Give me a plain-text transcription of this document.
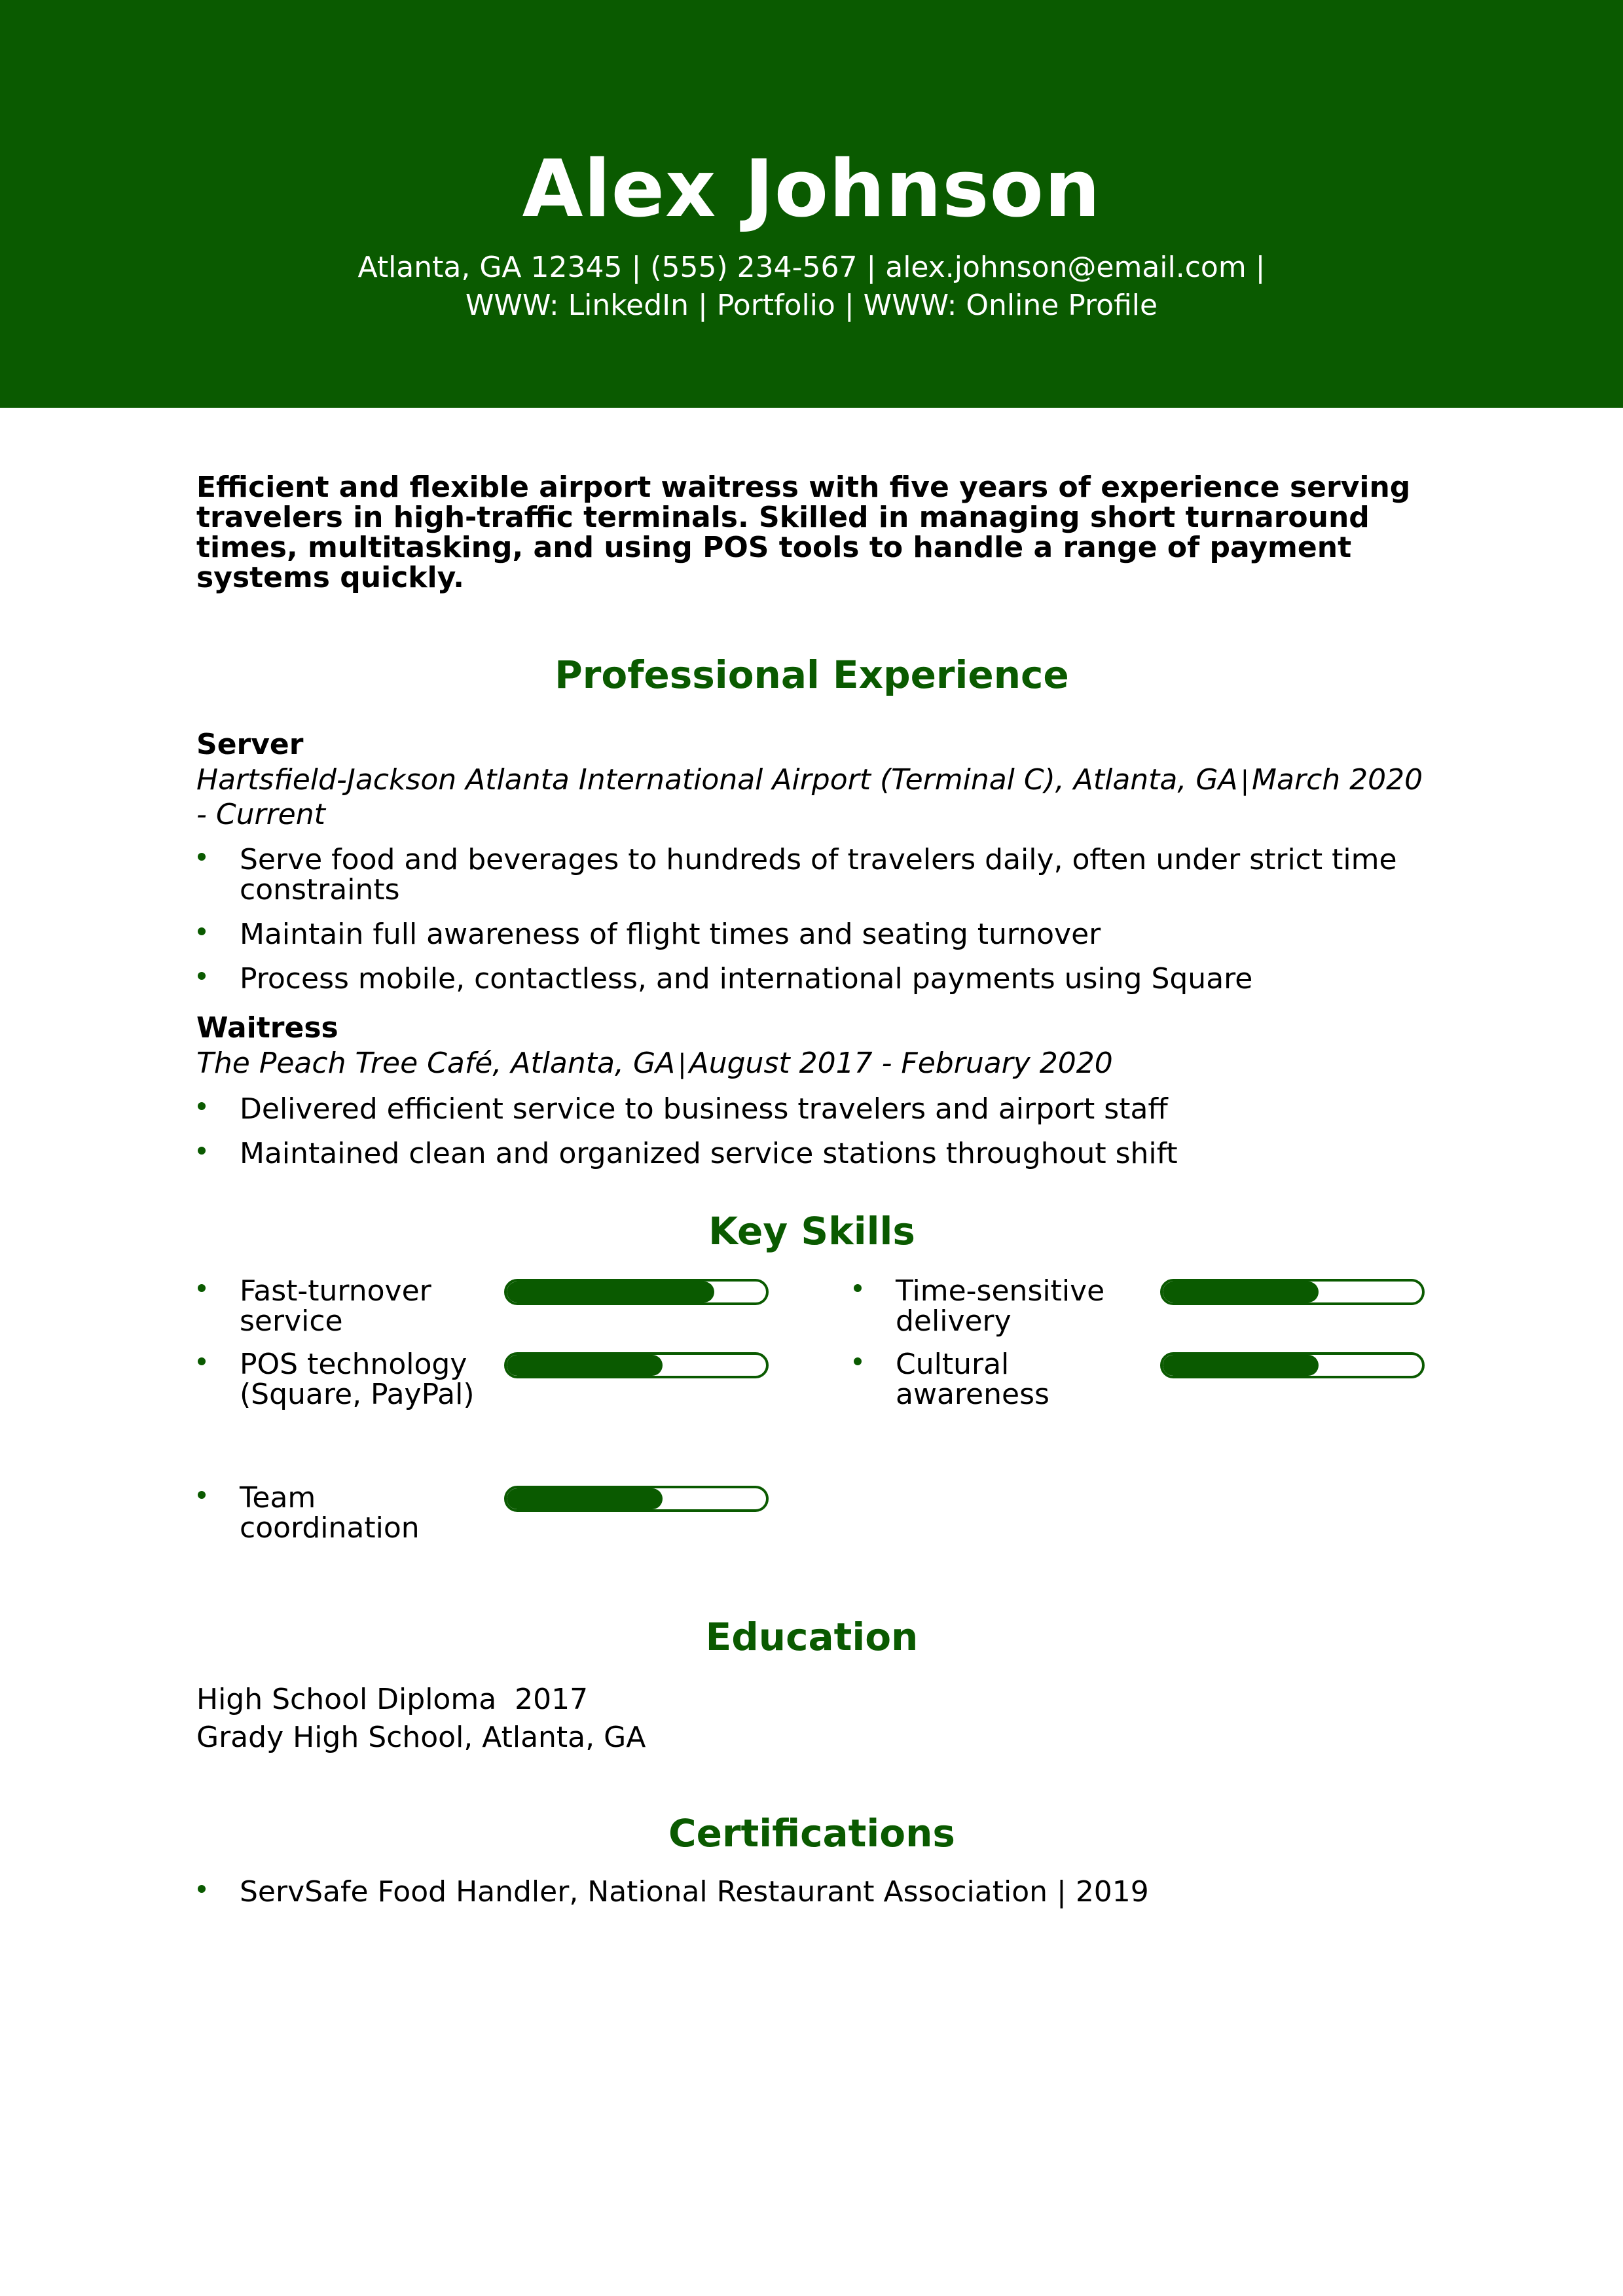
Alex Johnson
Atlanta, GA 12345 | (555) 234-567 | alex.johnson@email.com |
WWW: LinkedIn | Portfolio | WWW: Online Profile

Efficient and flexible airport waitress with five years of experience serving travelers in high-traffic terminals. Skilled in managing short turnaround times, multitasking, and using POS tools to handle a range of payment systems quickly.

Professional Experience
Server
Hartsfield-Jackson Atlanta International Airport (Terminal C), Atlanta, GA |March 2020 - Current
Serve food and beverages to hundreds of travelers daily, often under strict time constraints
Maintain full awareness of flight times and seating turnover
Process mobile, contactless, and international payments using Square
Waitress
The Peach Tree Café, Atlanta, GA |August 2017 - February 2020
Delivered efficient service to business travelers and airport staff
Maintained clean and organized service stations throughout shift
Key Skills
Fast-turnover service
Time-sensitive delivery
POS technology (Square, PayPal)
Cultural awareness
Team coordination
Education
High School Diploma 2017
Grady High School, Atlanta, GA
Certifications
ServSafe Food Handler, National Restaurant Association | 2019
